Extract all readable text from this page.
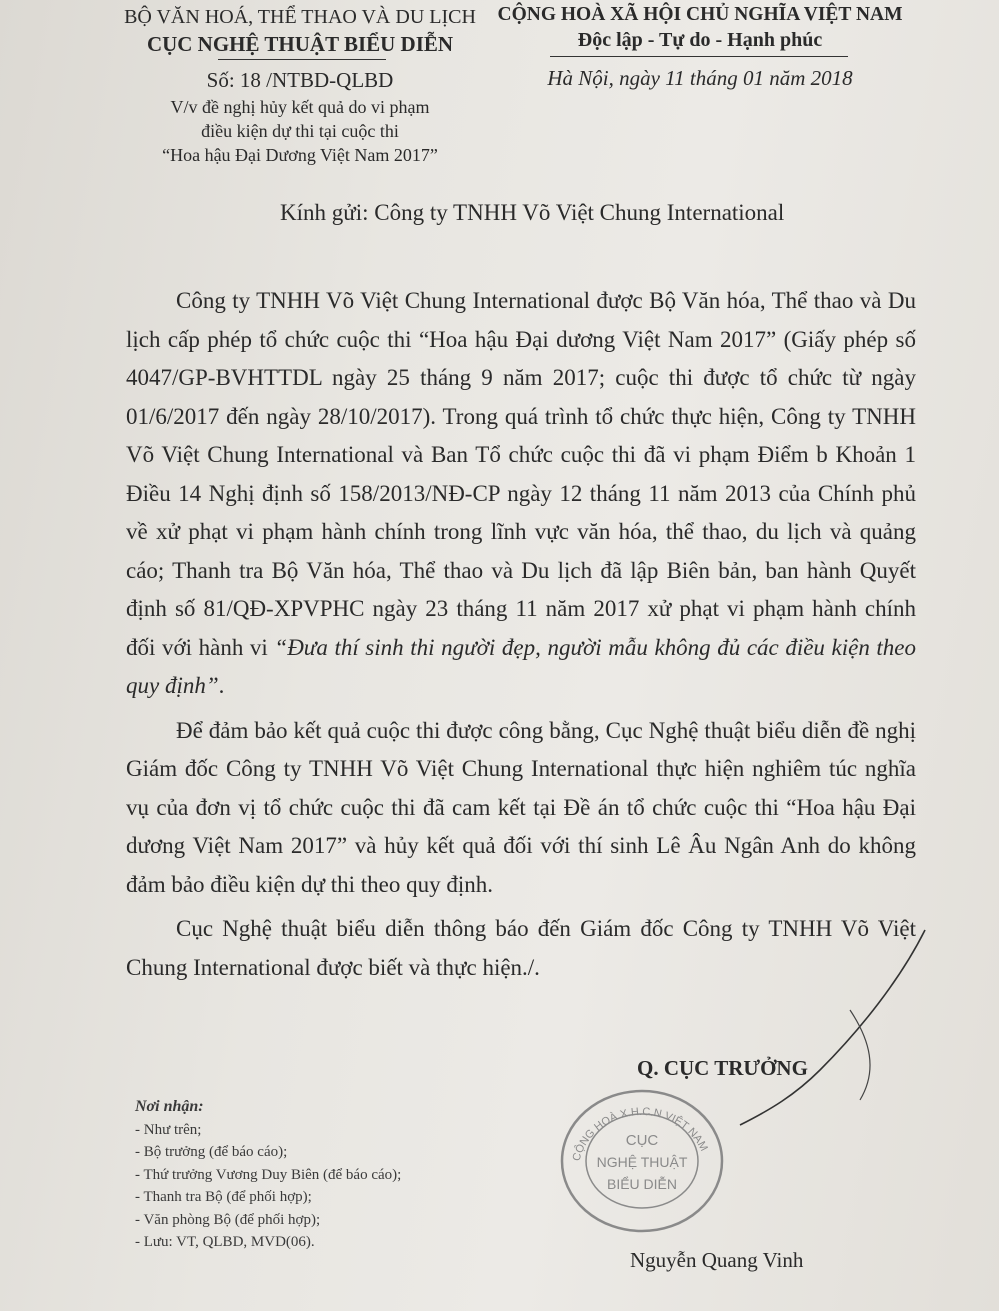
BỘ VĂN HOÁ, THỂ THAO VÀ DU LỊCH
CỤC NGHỆ THUẬT BIỂU DIỄN
Số: 18 /NTBD-QLBD
V/v đề nghị hủy kết quả do vi phạm
điều kiện dự thi tại cuộc thi
“Hoa hậu Đại Dương Việt Nam 2017”
CỘNG HOÀ XÃ HỘI CHỦ NGHĨA VIỆT NAM
Độc lập - Tự do - Hạnh phúc
Hà Nội, ngày 11 tháng 01 năm 2018
Kính gửi: Công ty TNHH Võ Việt Chung International

Công ty TNHH Võ Việt Chung International được Bộ Văn hóa, Thể thao và Du lịch cấp phép tổ chức cuộc thi “Hoa hậu Đại dương Việt Nam 2017” (Giấy phép số 4047/GP-BVHTTDL ngày 25 tháng 9 năm 2017; cuộc thi được tổ chức từ ngày 01/6/2017 đến ngày 28/10/2017). Trong quá trình tổ chức thực hiện, Công ty TNHH Võ Việt Chung International và Ban Tổ chức cuộc thi đã vi phạm Điểm b Khoản 1 Điều 14 Nghị định số 158/2013/NĐ-CP ngày 12 tháng 11 năm 2013 của Chính phủ về xử phạt vi phạm hành chính trong lĩnh vực văn hóa, thể thao, du lịch và quảng cáo; Thanh tra Bộ Văn hóa, Thể thao và Du lịch đã lập Biên bản, ban hành Quyết định số 81/QĐ-XPVPHC ngày 23 tháng 11 năm 2017 xử phạt vi phạm hành chính đối với hành vi “Đưa thí sinh thi người đẹp, người mẫu không đủ các điều kiện theo quy định”.

Để đảm bảo kết quả cuộc thi được công bằng, Cục Nghệ thuật biểu diễn đề nghị Giám đốc Công ty TNHH Võ Việt Chung International thực hiện nghiêm túc nghĩa vụ của đơn vị tổ chức cuộc thi đã cam kết tại Đề án tổ chức cuộc thi “Hoa hậu Đại dương Việt Nam 2017” và hủy kết quả đối với thí sinh Lê Âu Ngân Anh do không đảm bảo điều kiện dự thi theo quy định.

Cục Nghệ thuật biểu diễn thông báo đến Giám đốc Công ty TNHH Võ Việt Chung International được biết và thực hiện./.

Q. CỤC TRƯỞNG
CỘNG HOÀ X.H.C.N VIỆT NAM
CỤC
NGHỆ THUẬT
BIỂU DIỄN
Nguyễn Quang Vinh
Nơi nhận:
- Như trên;
- Bộ trưởng (để báo cáo);
- Thứ trưởng Vương Duy Biên (để báo cáo);
- Thanh tra Bộ (để phối hợp);
- Văn phòng Bộ (để phối hợp);
- Lưu: VT, QLBD, MVD(06).
